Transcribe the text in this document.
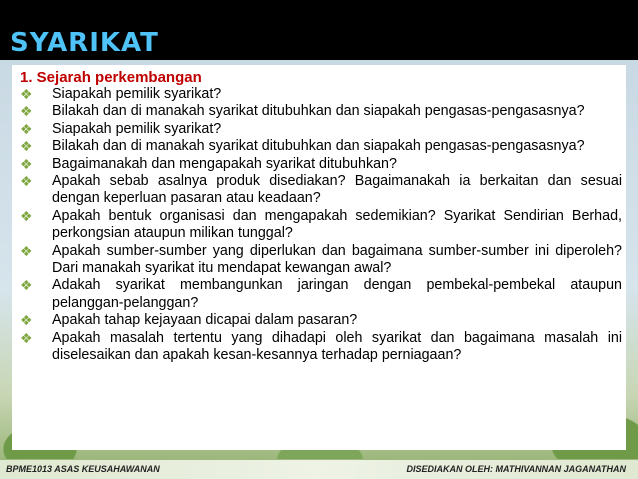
SYARIKAT
1. Sejarah perkembangan
❖ Siapakah pemilik syarikat?
❖ Bilakah dan di manakah syarikat ditubuhkan dan siapakah pengasas-pengasasnya?
❖ Siapakah pemilik syarikat?
❖ Bilakah dan di manakah syarikat ditubuhkan dan siapakah pengasas-pengasasnya?
❖ Bagaimanakah dan mengapakah syarikat ditubuhkan?
❖ Apakah sebab asalnya produk disediakan? Bagaimanakah ia berkaitan dan sesuai dengan keperluan pasaran atau keadaan?
❖ Apakah bentuk organisasi dan mengapakah sedemikian? Syarikat Sendirian Berhad, perkongsian ataupun milikan tunggal?
❖ Apakah sumber-sumber yang diperlukan dan bagaimana sumber-sumber ini diperoleh? Dari manakah syarikat itu mendapat kewangan awal?
❖ Adakah syarikat membangunkan jaringan dengan pembekal-pembekal ataupun pelanggan-pelanggan?
❖ Apakah tahap kejayaan dicapai dalam pasaran?
❖ Apakah masalah tertentu yang dihadapi oleh syarikat dan bagaimana masalah ini diselesaikan dan apakah kesan-kesannya terhadap perniagaan?
BPME1013 ASAS KEUSAHAWANAN	DISEDIAKAN OLEH: MATHIVANNAN JAGANATHAN
